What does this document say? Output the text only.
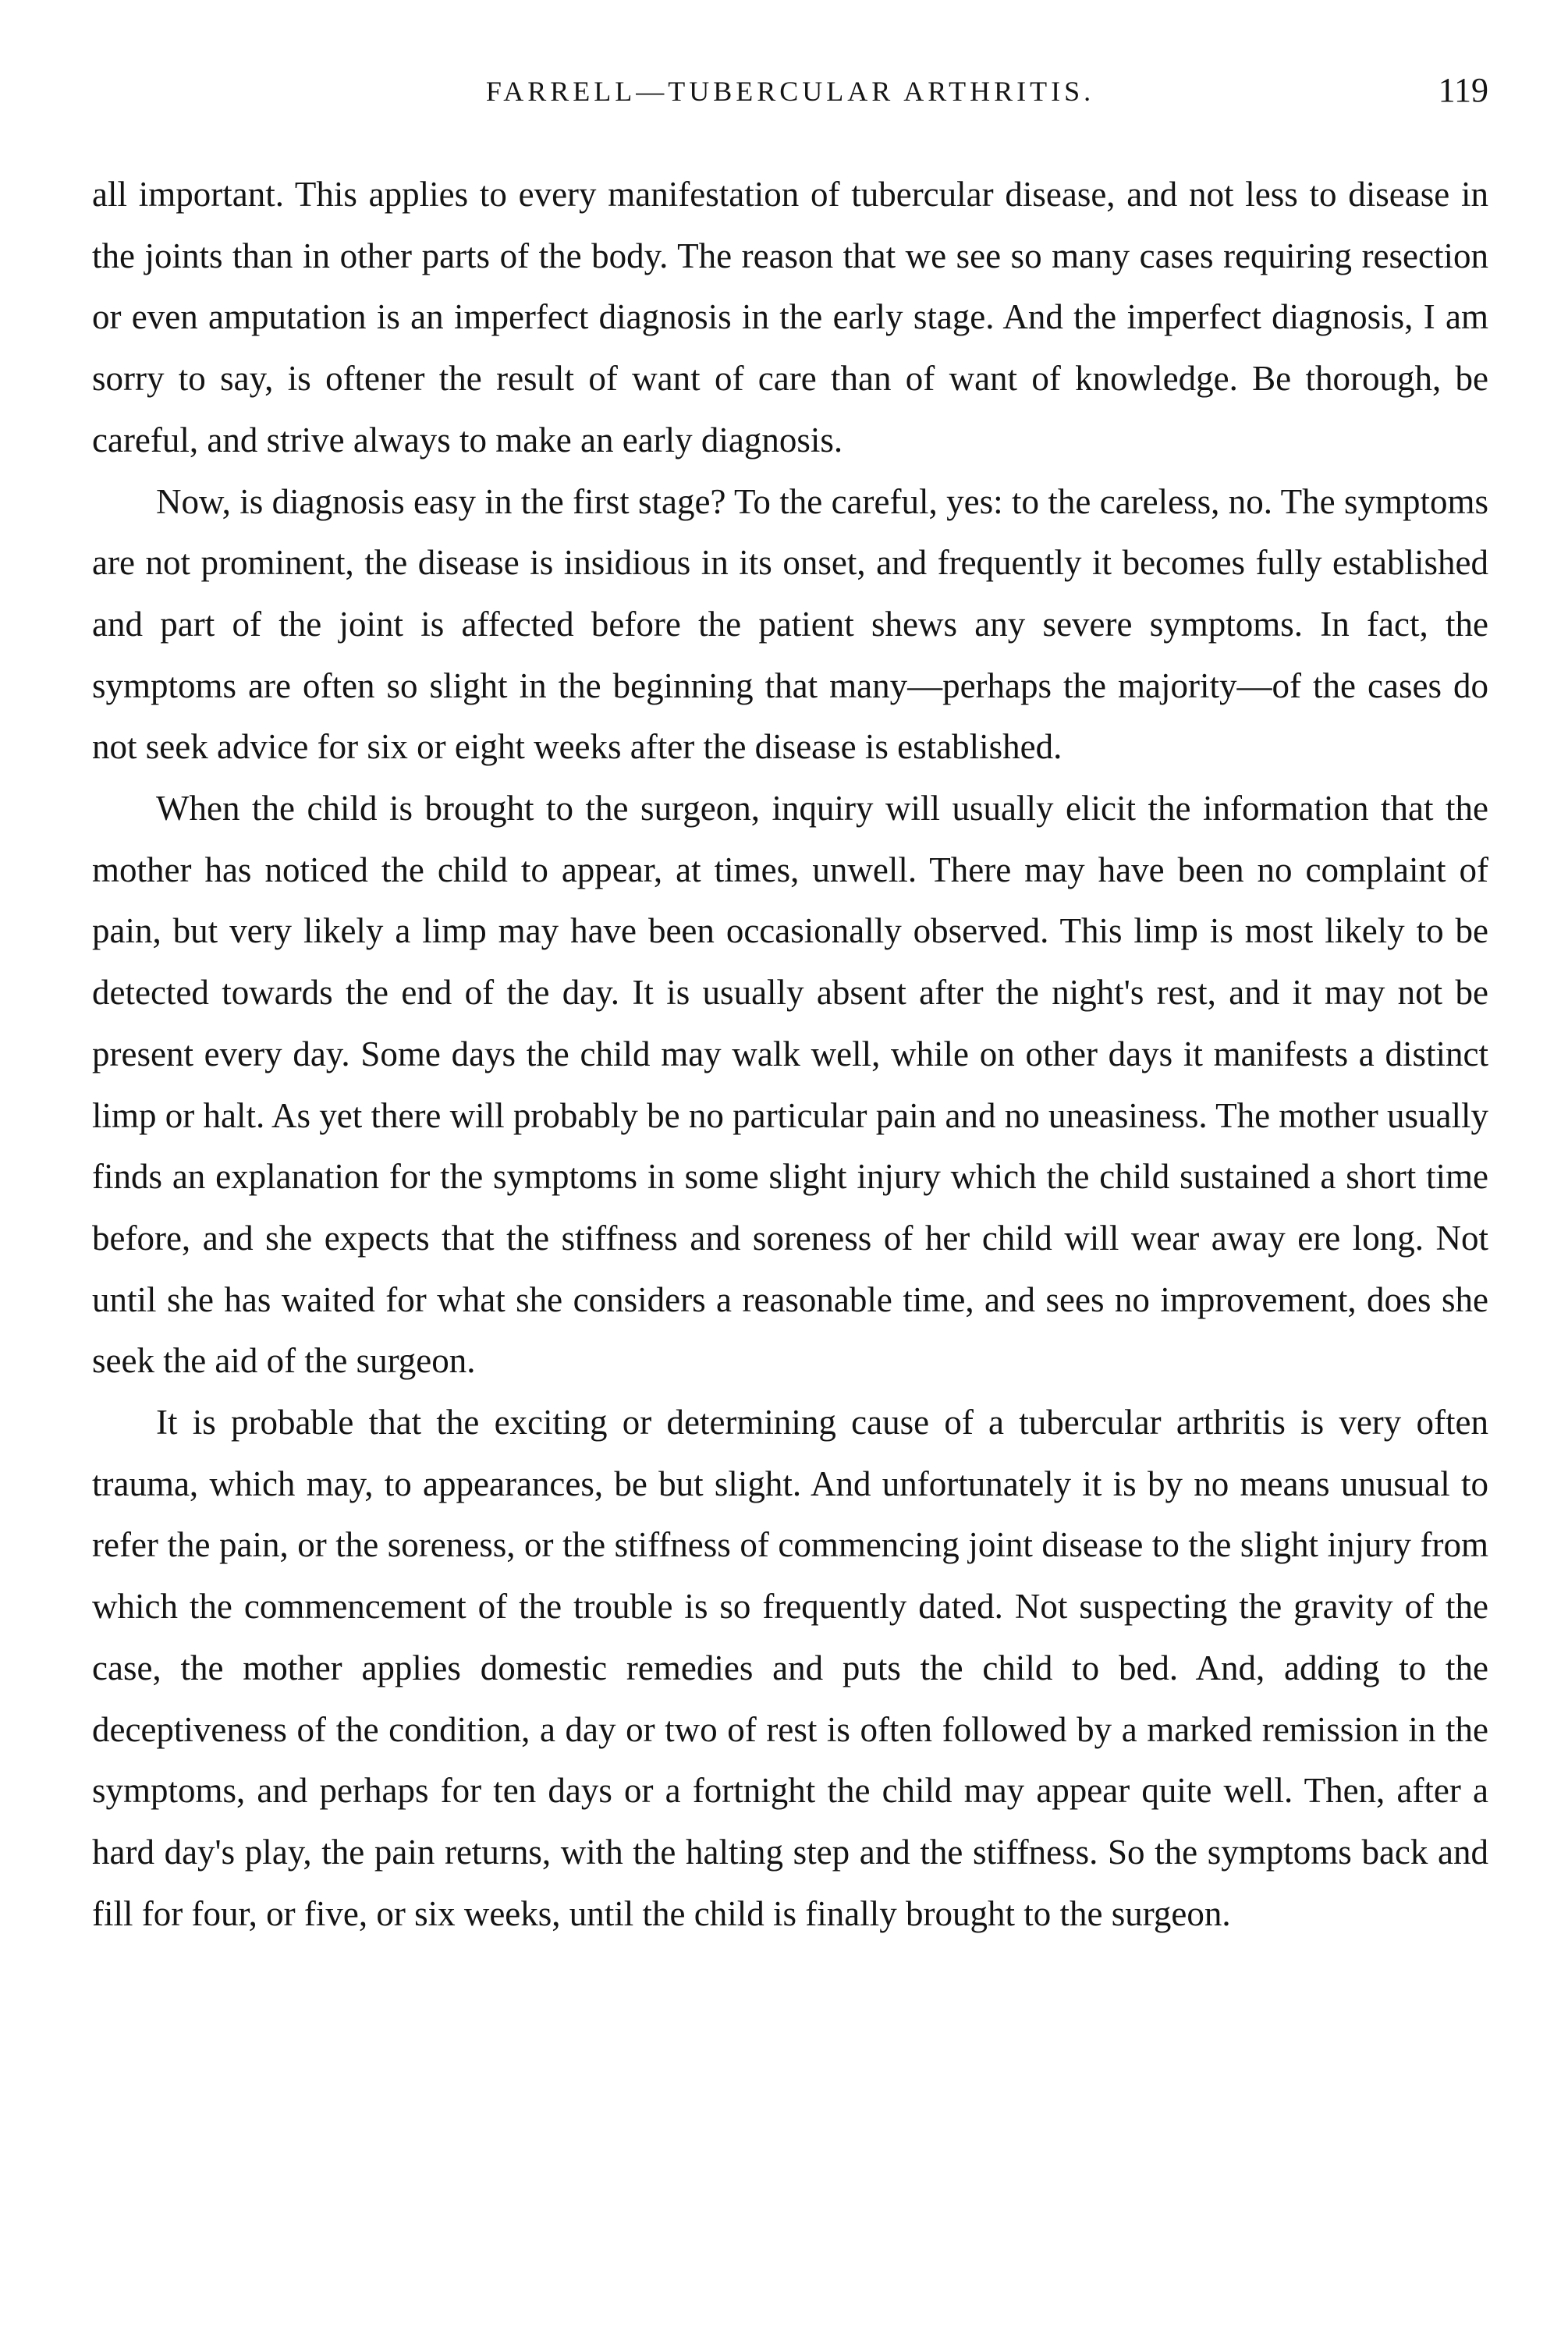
FARRELL—TUBERCULAR ARTHRITIS.	119

all important. This applies to every manifestation of tubercular disease, and not less to disease in the joints than in other parts of the body. The reason that we see so many cases requiring resection or even amputation is an imperfect diagnosis in the early stage. And the imperfect diagnosis, I am sorry to say, is oftener the result of want of care than of want of knowledge. Be thorough, be careful, and strive always to make an early diagnosis.

Now, is diagnosis easy in the first stage? To the careful, yes: to the careless, no. The symptoms are not prominent, the disease is insidious in its onset, and frequently it becomes fully established and part of the joint is affected before the patient shews any severe symptoms. In fact, the symptoms are often so slight in the beginning that many—perhaps the majority—of the cases do not seek advice for six or eight weeks after the disease is established.

When the child is brought to the surgeon, inquiry will usually elicit the information that the mother has noticed the child to appear, at times, unwell. There may have been no complaint of pain, but very likely a limp may have been occasionally observed. This limp is most likely to be detected towards the end of the day. It is usually absent after the night's rest, and it may not be present every day. Some days the child may walk well, while on other days it manifests a distinct limp or halt. As yet there will probably be no particular pain and no uneasiness. The mother usually finds an explanation for the symptoms in some slight injury which the child sustained a short time before, and she expects that the stiffness and soreness of her child will wear away ere long. Not until she has waited for what she considers a reasonable time, and sees no improvement, does she seek the aid of the surgeon.

It is probable that the exciting or determining cause of a tubercular arthritis is very often trauma, which may, to appearances, be but slight. And unfortunately it is by no means unusual to refer the pain, or the soreness, or the stiffness of commencing joint disease to the slight injury from which the commencement of the trouble is so frequently dated. Not suspecting the gravity of the case, the mother applies domestic remedies and puts the child to bed. And, adding to the deceptiveness of the condition, a day or two of rest is often followed by a marked remission in the symptoms, and perhaps for ten days or a fortnight the child may appear quite well. Then, after a hard day's play, the pain returns, with the halting step and the stiffness. So the symptoms back and fill for four, or five, or six weeks, until the child is finally brought to the surgeon.
